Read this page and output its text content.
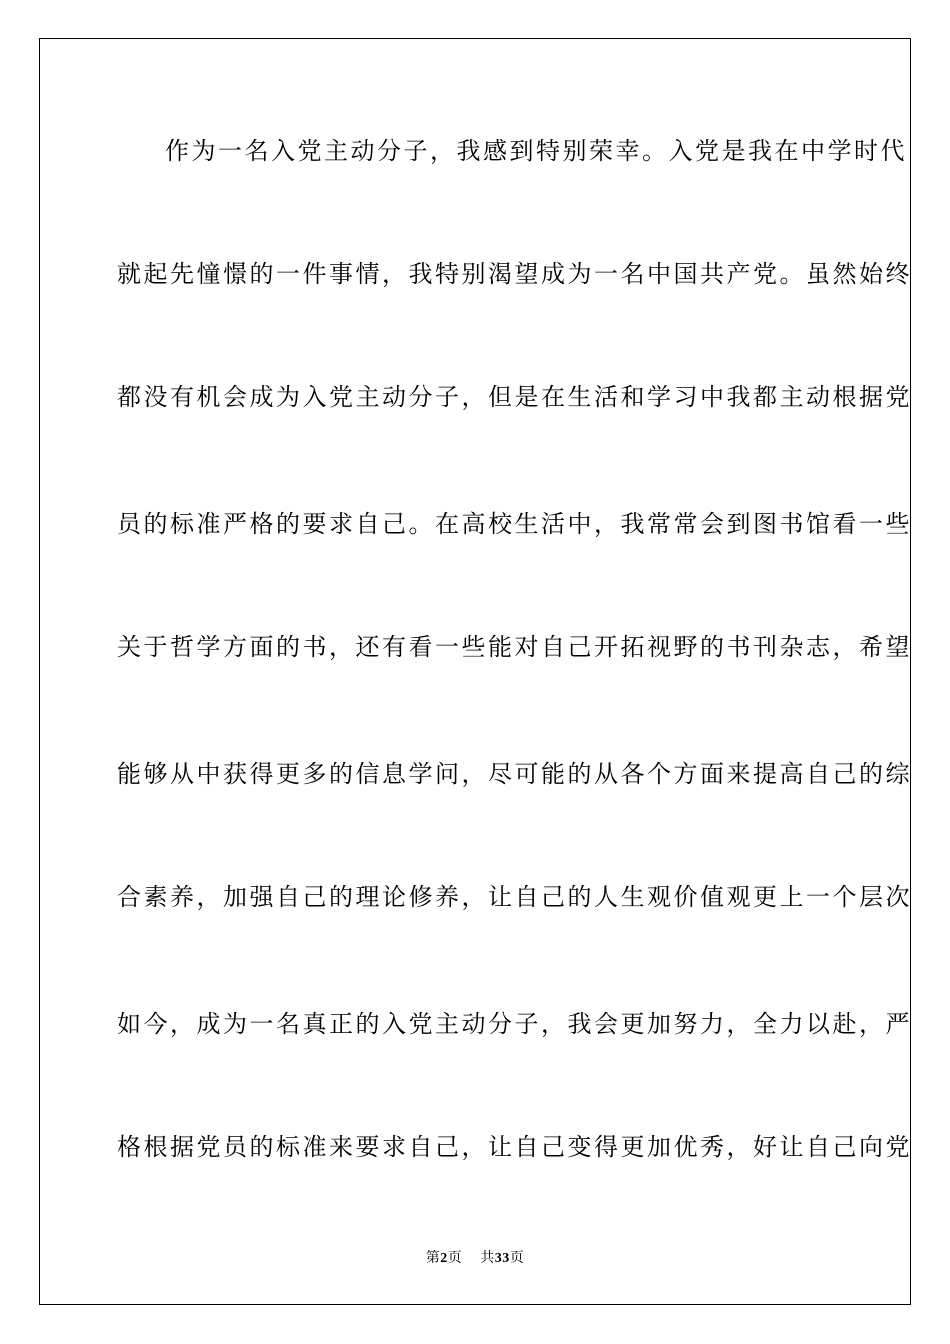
作为一名入党主动分子，我感到特别荣幸。入党是我在中学时代
就起先憧憬的一件事情，我特别渴望成为一名中国共产党。虽然始终
都没有机会成为入党主动分子，但是在生活和学习中我都主动根据党
员的标准严格的要求自己。在高校生活中，我常常会到图书馆看一些
关于哲学方面的书，还有看一些能对自己开拓视野的书刊杂志，希望
能够从中获得更多的信息学问，尽可能的从各个方面来提高自己的综
合素养，加强自己的理论修养，让自己的人生观价值观更上一个层次
如今，成为一名真正的入党主动分子，我会更加努力，全力以赴，严
格根据党员的标准来要求自己，让自己变得更加优秀，好让自己向党
第2页 共33页
